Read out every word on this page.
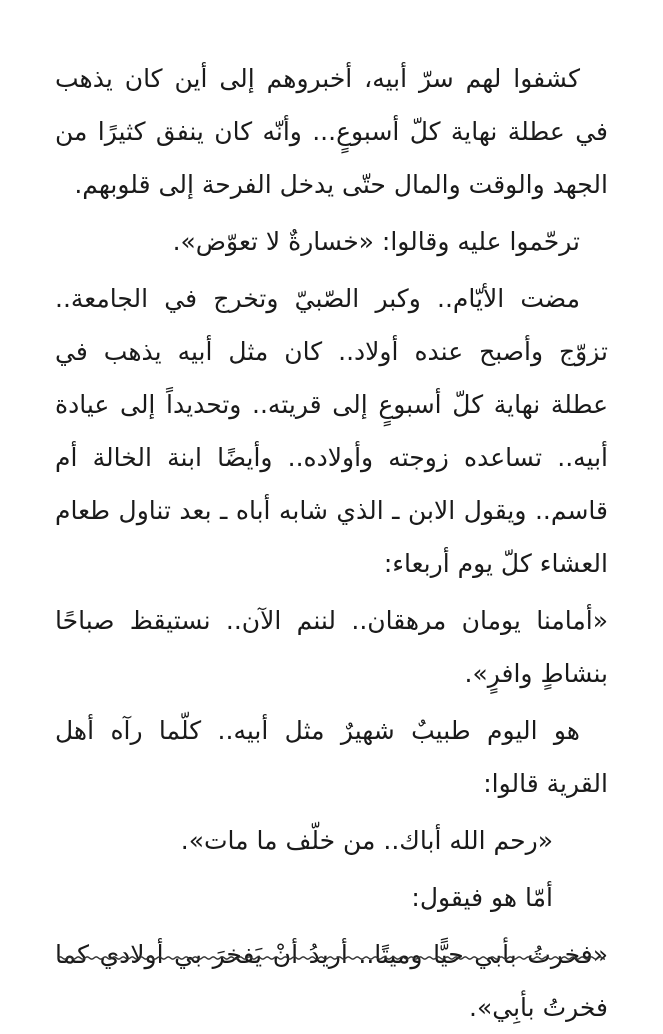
كشفوا لهم سرّ أبيه، أخبروهم إلى أين كان يذهب في عطلة نهاية كلّ أسبوعٍ... وأنّه كان ينفق كثيرًا من الجهد والوقت والمال حتّى يدخل الفرحة إلى قلوبهم.

ترحّموا عليه وقالوا: «خسارةٌ لا تعوّض».

مضت الأيّام.. وكبر الصّبيّ وتخرج في الجامعة.. تزوّج وأصبح عنده أولاد.. كان مثل أبيه يذهب في عطلة نهاية كلّ أسبوعٍ إلى قريته.. وتحديداً إلى عيادة أبيه.. تساعده زوجته وأولاده.. وأيضًا ابنة الخالة أم قاسم.. ويقول الابن ـ الذي شابه أباه ـ بعد تناول طعام العشاء كلّ يوم أربعاء:

«أمامنا يومان مرهقان.. لننم الآن.. نستيقظ صباحًا بنشاطٍ وافرٍ».

هو اليوم طبيبٌ شهيرٌ مثل أبيه.. كلّما رآه أهل القرية قالوا:

«رحم الله أباك.. من خلّف ما مات».

أمّا هو فيقول:

«فخرتُ بأبي حيًّا وميتًا.. أريدُ أنْ يَفخرَ بي أولادي كما فخرتُ بأبِي».
